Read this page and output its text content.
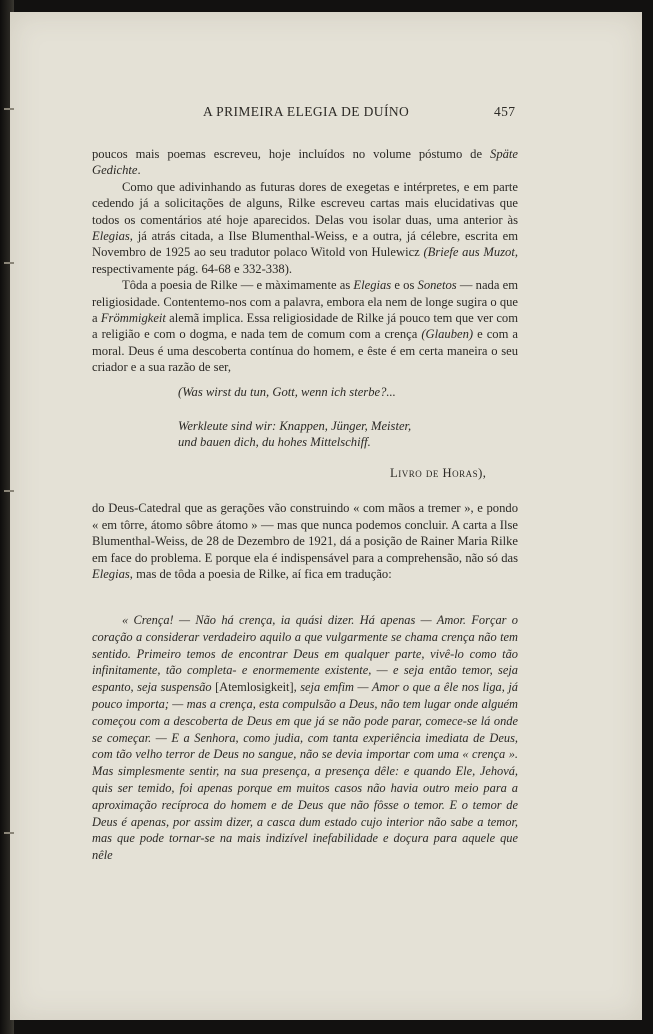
A PRIMEIRA ELEGIA DE DUÍNO	457

poucos mais poemas escreveu, hoje incluídos no volume póstumo de Späte Gedichte.

Como que adivinhando as futuras dores de exegetas e intérpretes, e em parte cedendo já a solicitações de alguns, Rilke escreveu cartas mais elucidativas que todos os comentários até hoje aparecidos. Delas vou isolar duas, uma anterior às Elegias, já atrás citada, a Ilse Blumenthal-Weiss, e a outra, já célebre, escrita em Novembro de 1925 ao seu tradutor polaco Witold von Hulewicz (Briefe aus Muzot, respectivamente pág. 64-68 e 332-338).

Tôda a poesia de Rilke — e màximamente as Elegias e os Sonetos — nada em religiosidade. Contentemo-nos com a palavra, embora ela nem de longe sugira o que a Frömmigkeit alemã implica. Essa religiosidade de Rilke já pouco tem que ver com a religião e com o dogma, e nada tem de comum com a crença (Glauben) e com a moral. Deus é uma descoberta contínua do homem, e êste é em certa maneira o seu criador e a sua razão de ser,

(Was wirst du tun, Gott, wenn ich sterbe?...
Werkleute sind wir: Knappen, Jünger, Meister,
und bauen dich, du hohes Mittelschiff.
Livro de Horas),
do Deus-Catedral que as gerações vão construindo « com mãos a tremer », e pondo « em tôrre, átomo sôbre átomo » — mas que nunca podemos concluir. A carta a Ilse Blumenthal-Weiss, de 28 de Dezembro de 1921, dá a posição de Rainer Maria Rilke em face do problema. E porque ela é indispensável para a comprehensão, não só das Elegias, mas de tôda a poesia de Rilke, aí fica em tradução:
« Crença! — Não há crença, ia quási dizer. Há apenas — Amor. Forçar o coração a considerar verdadeiro aquilo a que vulgarmente se chama crença não tem sentido. Primeiro temos de encontrar Deus em qualquer parte, vivê-lo como tão infinitamente, tão completa- e enormemente existente, — e seja então temor, seja espanto, seja suspensão [Atemlosigkeit], seja emfim — Amor o que a êle nos liga, já pouco importa; — mas a crença, esta compulsão a Deus, não tem lugar onde alguém começou com a descoberta de Deus em que já se não pode parar, comece-se lá onde se começar. — E a Senhora, como judia, com tanta experiência imediata de Deus, com tão velho terror de Deus no sangue, não se devia importar com uma « crença ». Mas simplesmente sentir, na sua presença, a presença dêle: e quando Ele, Jehová, quis ser temido, foi apenas porque em muitos casos não havia outro meio para a aproximação recíproca do homem e de Deus que não fôsse o temor. E o temor de Deus é apenas, por assim dizer, a casca dum estado cujo interior não sabe a temor, mas que pode tornar-se na mais indizível inefabilidade e doçura para aquele que nêle
